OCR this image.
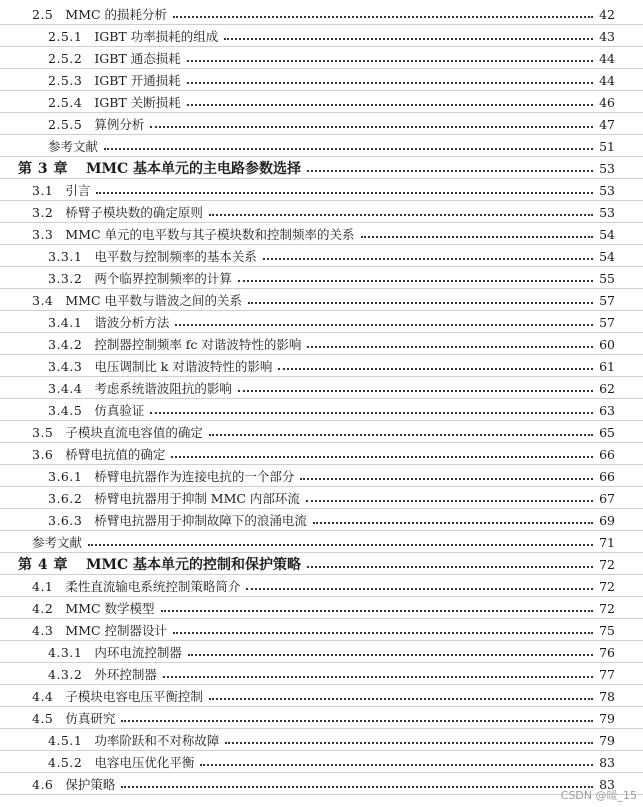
2.5 MMC 的损耗分析	42
2.5.1 IGBT 功率损耗的组成	43
2.5.2 IGBT 通态损耗	44
2.5.3 IGBT 开通损耗	44
2.5.4 IGBT 关断损耗	46
2.5.5 算例分析	47
参考文献	51
第 3 章 MMC 基本单元的主电路参数选择	53
3.1 引言	53
3.2 桥臂子模块数的确定原则	53
3.3 MMC 单元的电平数与其子模块数和控制频率的关系	54
3.3.1 电平数与控制频率的基本关系	54
3.3.2 两个临界控制频率的计算	55
3.4 MMC 电平数与谐波之间的关系	57
3.4.1 谐波分析方法	57
3.4.2 控制器控制频率 fc 对谐波特性的影响	60
3.4.3 电压调制比 k 对谐波特性的影响	61
3.4.4 考虑系统谐波阻抗的影响	62
3.4.5 仿真验证	63
3.5 子模块直流电容值的确定	65
3.6 桥臂电抗值的确定	66
3.6.1 桥臂电抗器作为连接电抗的一个部分	66
3.6.2 桥臂电抗器用于抑制 MMC 内部环流	67
3.6.3 桥臂电抗器用于抑制故障下的浪涌电流	69
参考文献	71
第 4 章 MMC 基本单元的控制和保护策略	72
4.1 柔性直流输电系统控制策略简介	72
4.2 MMC 数学模型	72
4.3 MMC 控制器设计	75
4.3.1 内环电流控制器	76
4.3.2 外环控制器	77
4.4 子模块电容电压平衡控制	78
4.5 仿真研究	79
4.5.1 功率阶跃和不对称故障	79
4.5.2 电容电压优化平衡	83
4.6 保护策略	83
CSDN @暖_15
